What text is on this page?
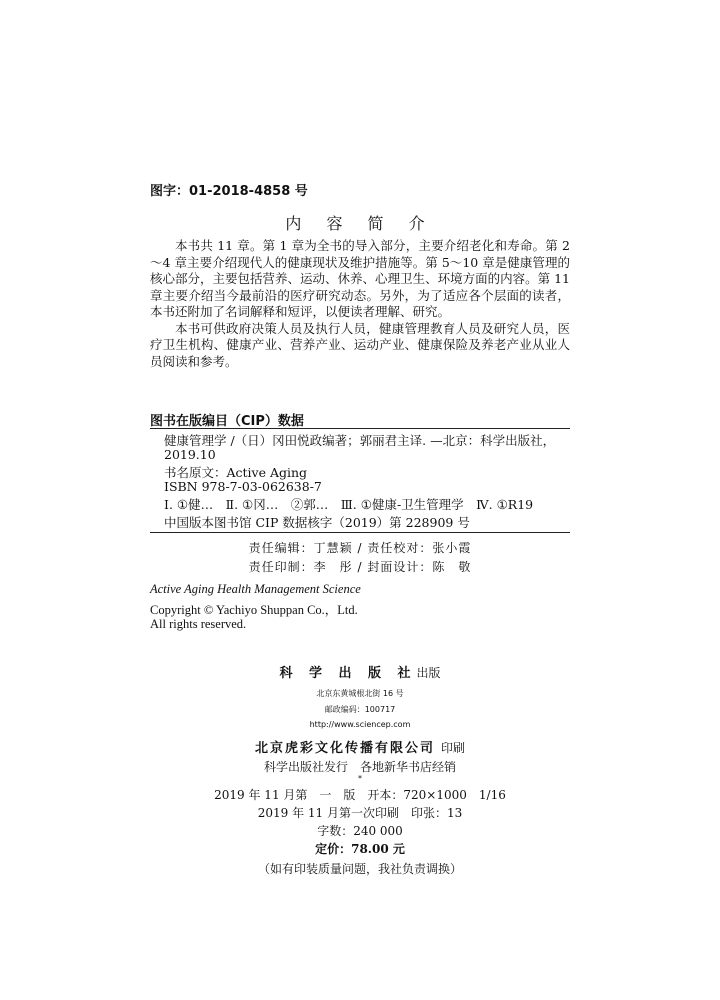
图字：01-2018-4858 号
内 容 简 介

本书共 11 章。第 1 章为全书的导入部分，主要介绍老化和寿命。第 2～4 章主要介绍现代人的健康现状及维护措施等。第 5～10 章是健康管理的核心部分，主要包括营养、运动、休养、心理卫生、环境方面的内容。第 11 章主要介绍当今最前沿的医疗研究动态。另外，为了适应各个层面的读者，本书还附加了名词解释和短评，以便读者理解、研究。

本书可供政府决策人员及执行人员，健康管理教育人员及研究人员，医疗卫生机构、健康产业、营养产业、运动产业、健康保险及养老产业从业人员阅读和参考。

图书在版编目（CIP）数据
健康管理学 /（日）冈田悦政编著；郭丽君主译. —北京：科学出版社，
2019.10
书名原文：Active Aging
ISBN 978-7-03-062638-7
Ⅰ. ①健…　Ⅱ. ①冈…　②郭…　Ⅲ. ①健康-卫生管理学　Ⅳ. ①R19
中国版本图书馆 CIP 数据核字（2019）第 228909 号
责任编辑：丁慧颖 / 责任校对：张小霞
责任印制：李　彤 / 封面设计：陈　敬
Active Aging Health Management Science
Copyright © Yachiyo Shuppan Co.，Ltd.
All rights reserved.
科 学 出 版 社出版
北京东黄城根北街 16 号
邮政编码：100717
http://www.sciencep.com
北京虎彩文化传播有限公司 印刷
科学出版社发行　各地新华书店经销
*
2019 年 11 月第　一　版　开本：720×1000　1/16
2019 年 11 月第一次印刷　印张：13
字数：240 000
定价：78.00 元
（如有印装质量问题，我社负责调换）
